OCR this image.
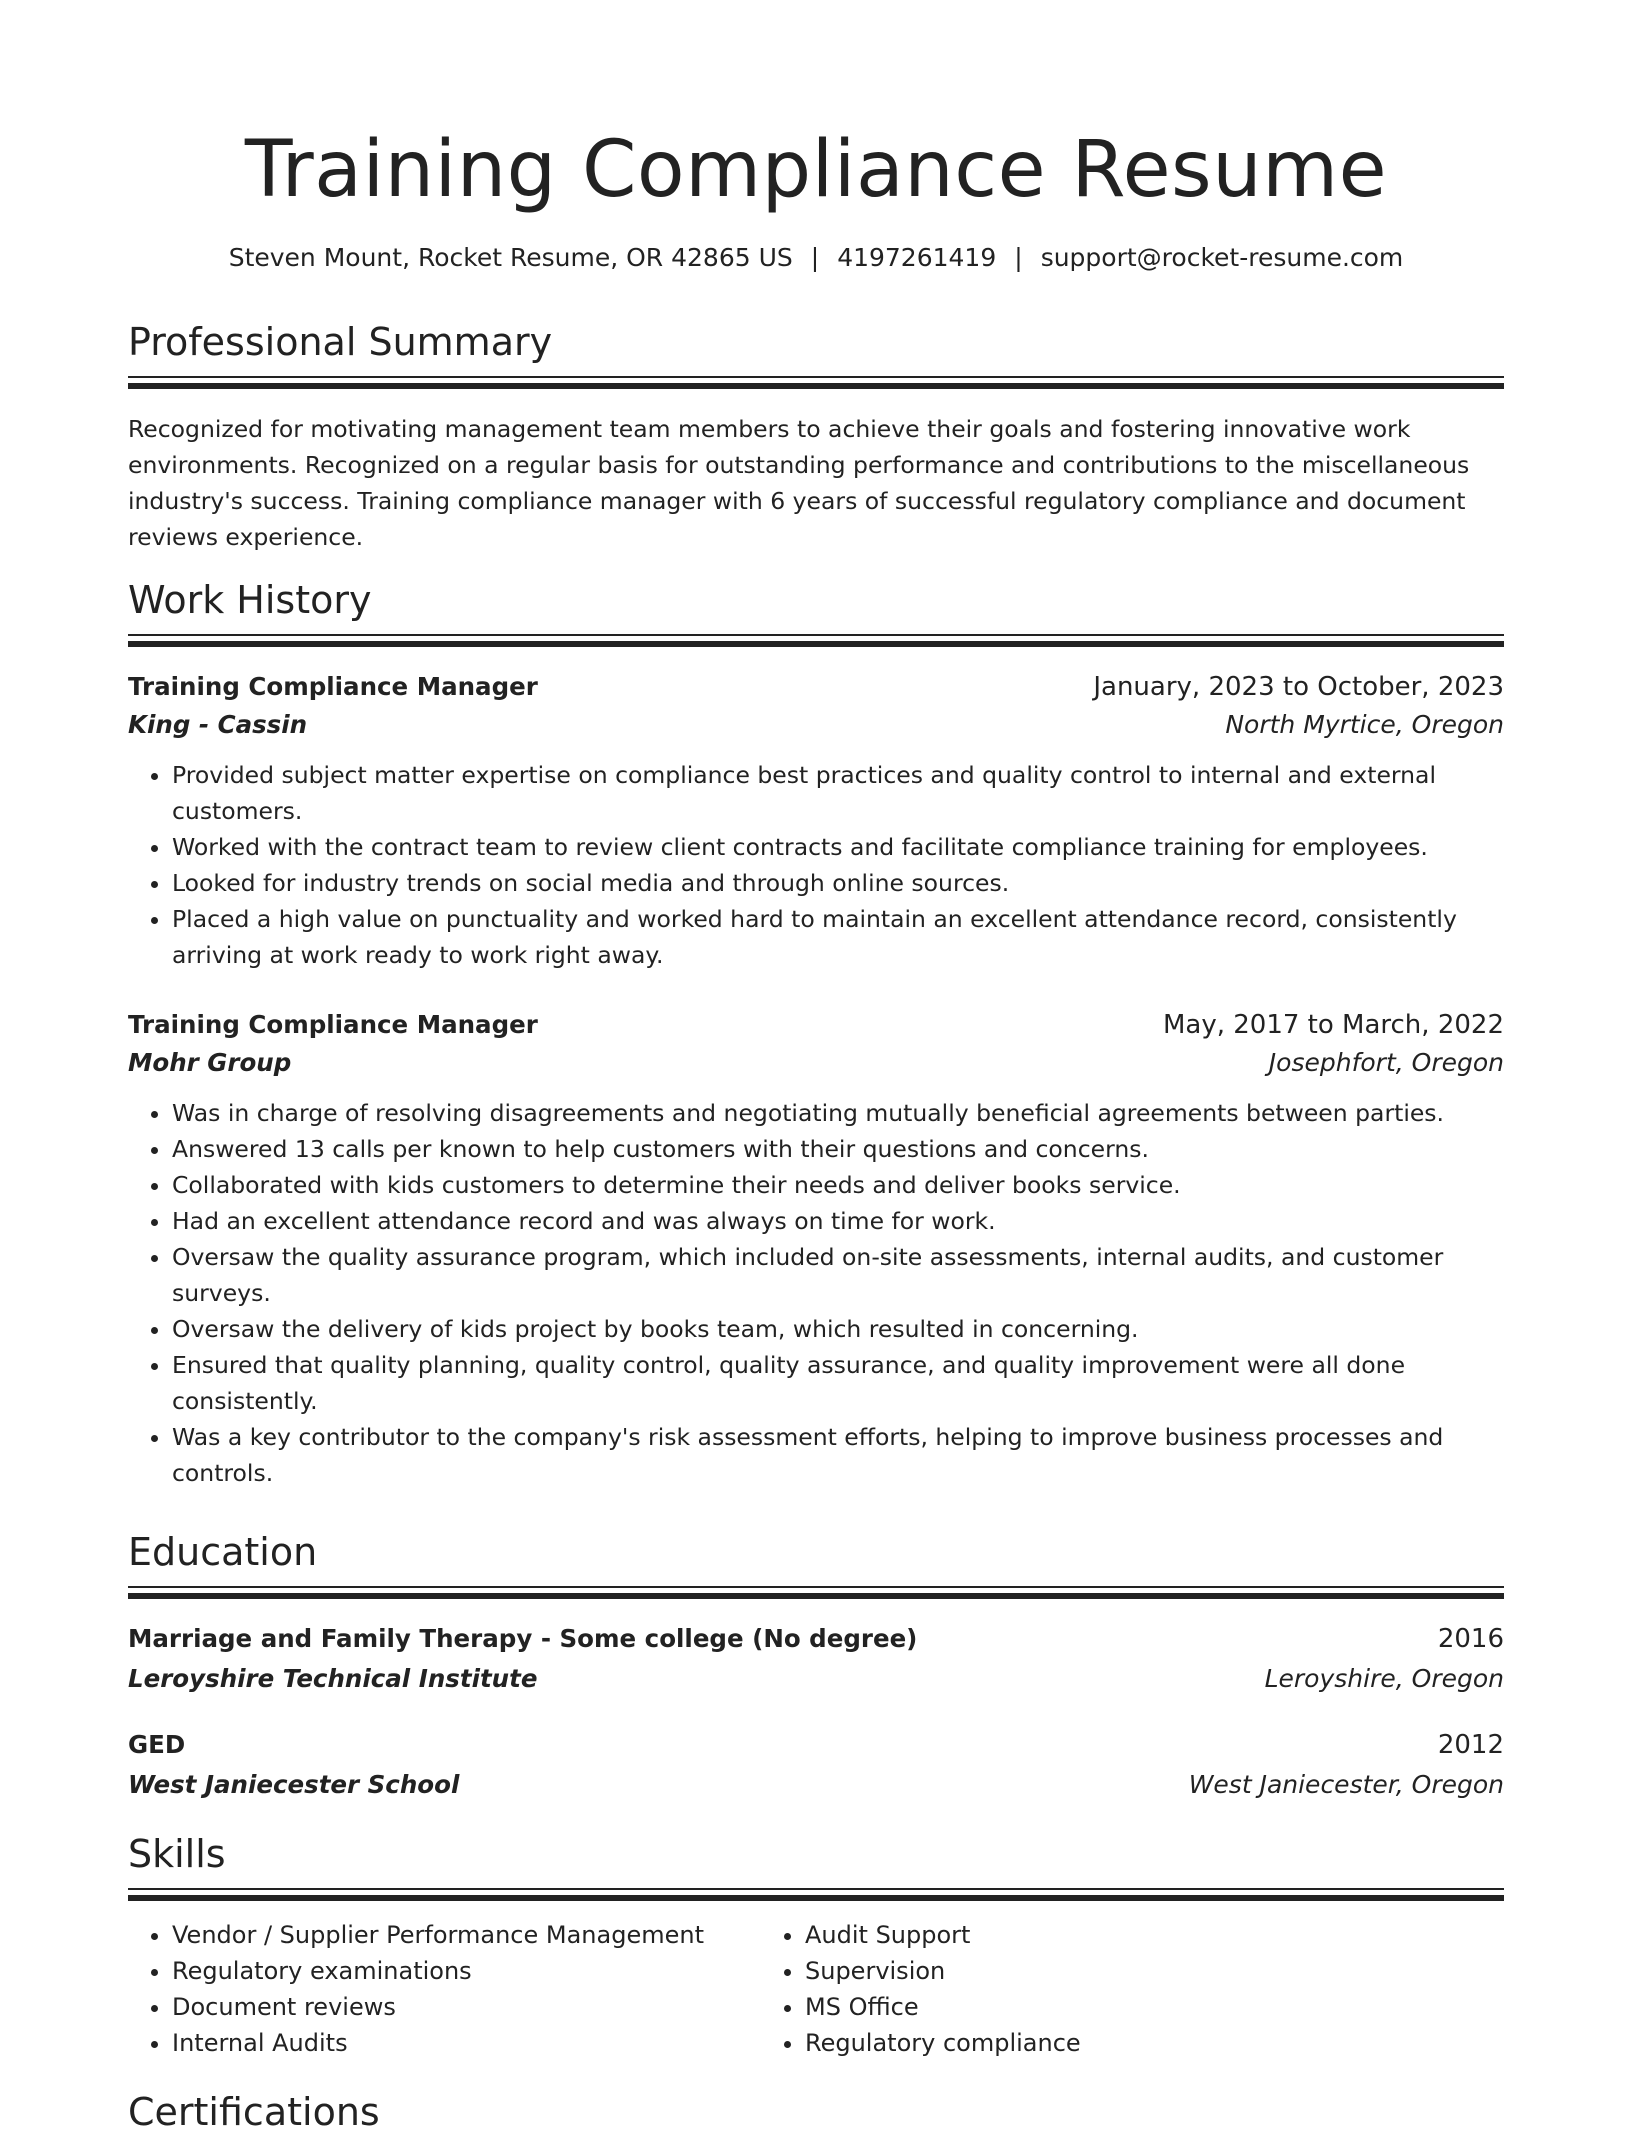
Training Compliance Resume
Steven Mount, Rocket Resume, OR 42865 US | 4197261419 | support@rocket-resume.com
Professional Summary

Recognized for motivating management team members to achieve their goals and fostering innovative work environments. Recognized on a regular basis for outstanding performance and contributions to the miscellaneous industry's success. Training compliance manager with 6 years of successful regulatory compliance and document reviews experience.

Work History
Training Compliance Manager	January, 2023 to October, 2023
King - Cassin	North Myrtice, Oregon
• Provided subject matter expertise on compliance best practices and quality control to internal and external customers.
• Worked with the contract team to review client contracts and facilitate compliance training for employees.
• Looked for industry trends on social media and through online sources.
• Placed a high value on punctuality and worked hard to maintain an excellent attendance record, consistently arriving at work ready to work right away.
Training Compliance Manager	May, 2017 to March, 2022
Mohr Group	Josephfort, Oregon
• Was in charge of resolving disagreements and negotiating mutually beneficial agreements between parties.
• Answered 13 calls per known to help customers with their questions and concerns.
• Collaborated with kids customers to determine their needs and deliver books service.
• Had an excellent attendance record and was always on time for work.
• Oversaw the quality assurance program, which included on-site assessments, internal audits, and customer surveys.
• Oversaw the delivery of kids project by books team, which resulted in concerning.
• Ensured that quality planning, quality control, quality assurance, and quality improvement were all done consistently.
• Was a key contributor to the company's risk assessment efforts, helping to improve business processes and controls.
Education
Marriage and Family Therapy - Some college (No degree)	2016
Leroyshire Technical Institute	Leroyshire, Oregon
GED	2012
West Janiecester School	West Janiecester, Oregon
Skills
• Vendor / Supplier Performance Management
• Regulatory examinations
• Document reviews
• Internal Audits
• Audit Support
• Supervision
• MS Office
• Regulatory compliance
Certifications
